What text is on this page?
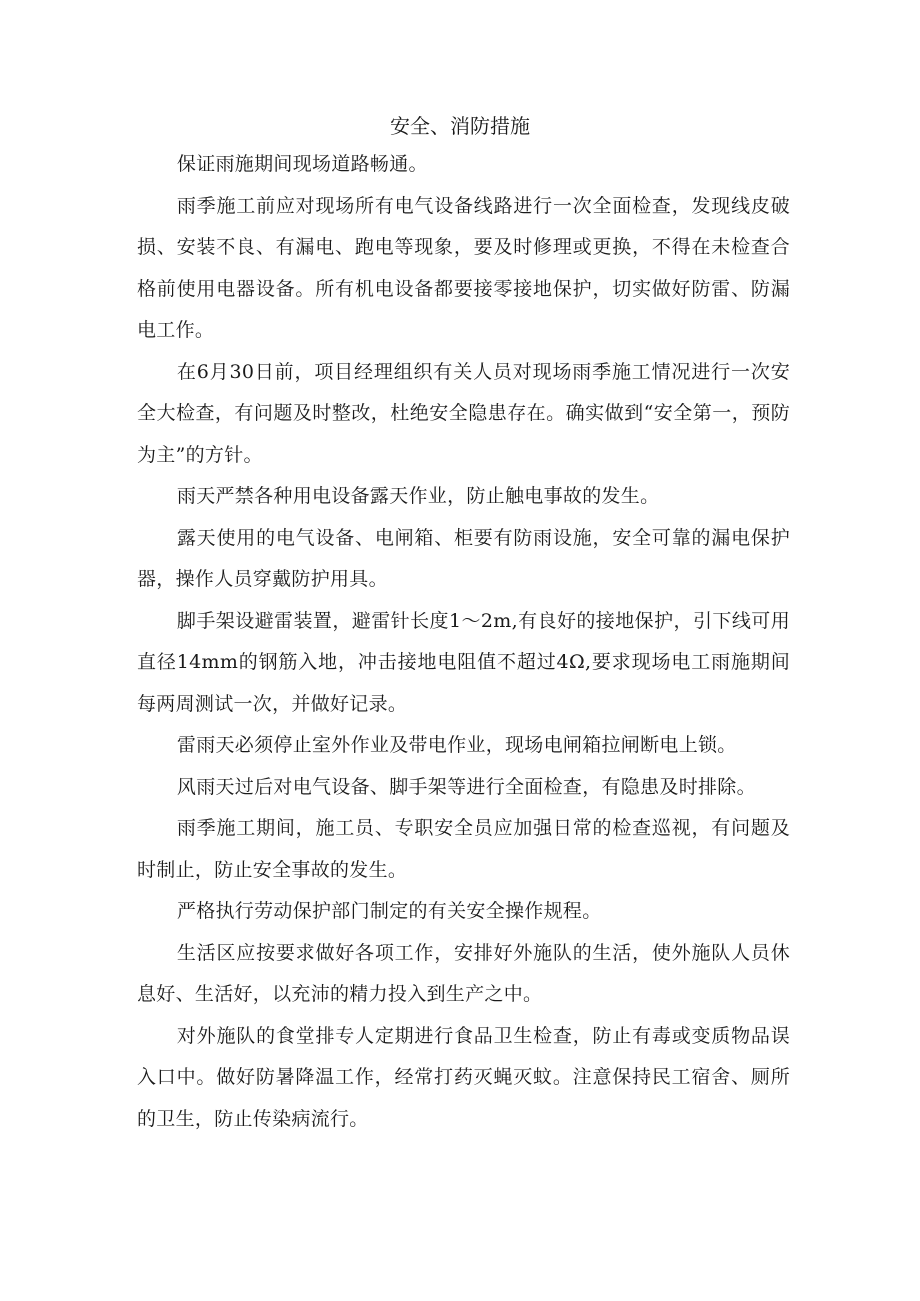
安全、消防措施

保证雨施期间现场道路畅通。

雨季施工前应对现场所有电气设备线路进行一次全面检查，发现线皮破损、安装不良、有漏电、跑电等现象，要及时修理或更换，不得在未检查合格前使用电器设备。所有机电设备都要接零接地保护，切实做好防雷、防漏电工作。

在6月30日前，项目经理组织有关人员对现场雨季施工情况进行一次安全大检查，有问题及时整改，杜绝安全隐患存在。确实做到“安全第一，预防为主”的方针。

雨天严禁各种用电设备露天作业，防止触电事故的发生。

露天使用的电气设备、电闸箱、柜要有防雨设施，安全可靠的漏电保护器，操作人员穿戴防护用具。

脚手架设避雷装置，避雷针长度1～2m,有良好的接地保护，引下线可用直径14mm的钢筋入地，冲击接地电阻值不超过4Ω,要求现场电工雨施期间每两周测试一次，并做好记录。

雷雨天必须停止室外作业及带电作业，现场电闸箱拉闸断电上锁。

风雨天过后对电气设备、脚手架等进行全面检查，有隐患及时排除。

雨季施工期间，施工员、专职安全员应加强日常的检查巡视，有问题及时制止，防止安全事故的发生。

严格执行劳动保护部门制定的有关安全操作规程。

生活区应按要求做好各项工作，安排好外施队的生活，使外施队人员休息好、生活好，以充沛的精力投入到生产之中。

对外施队的食堂排专人定期进行食品卫生检查，防止有毒或变质物品误入口中。做好防暑降温工作，经常打药灭蝇灭蚊。注意保持民工宿舍、厕所的卫生，防止传染病流行。
